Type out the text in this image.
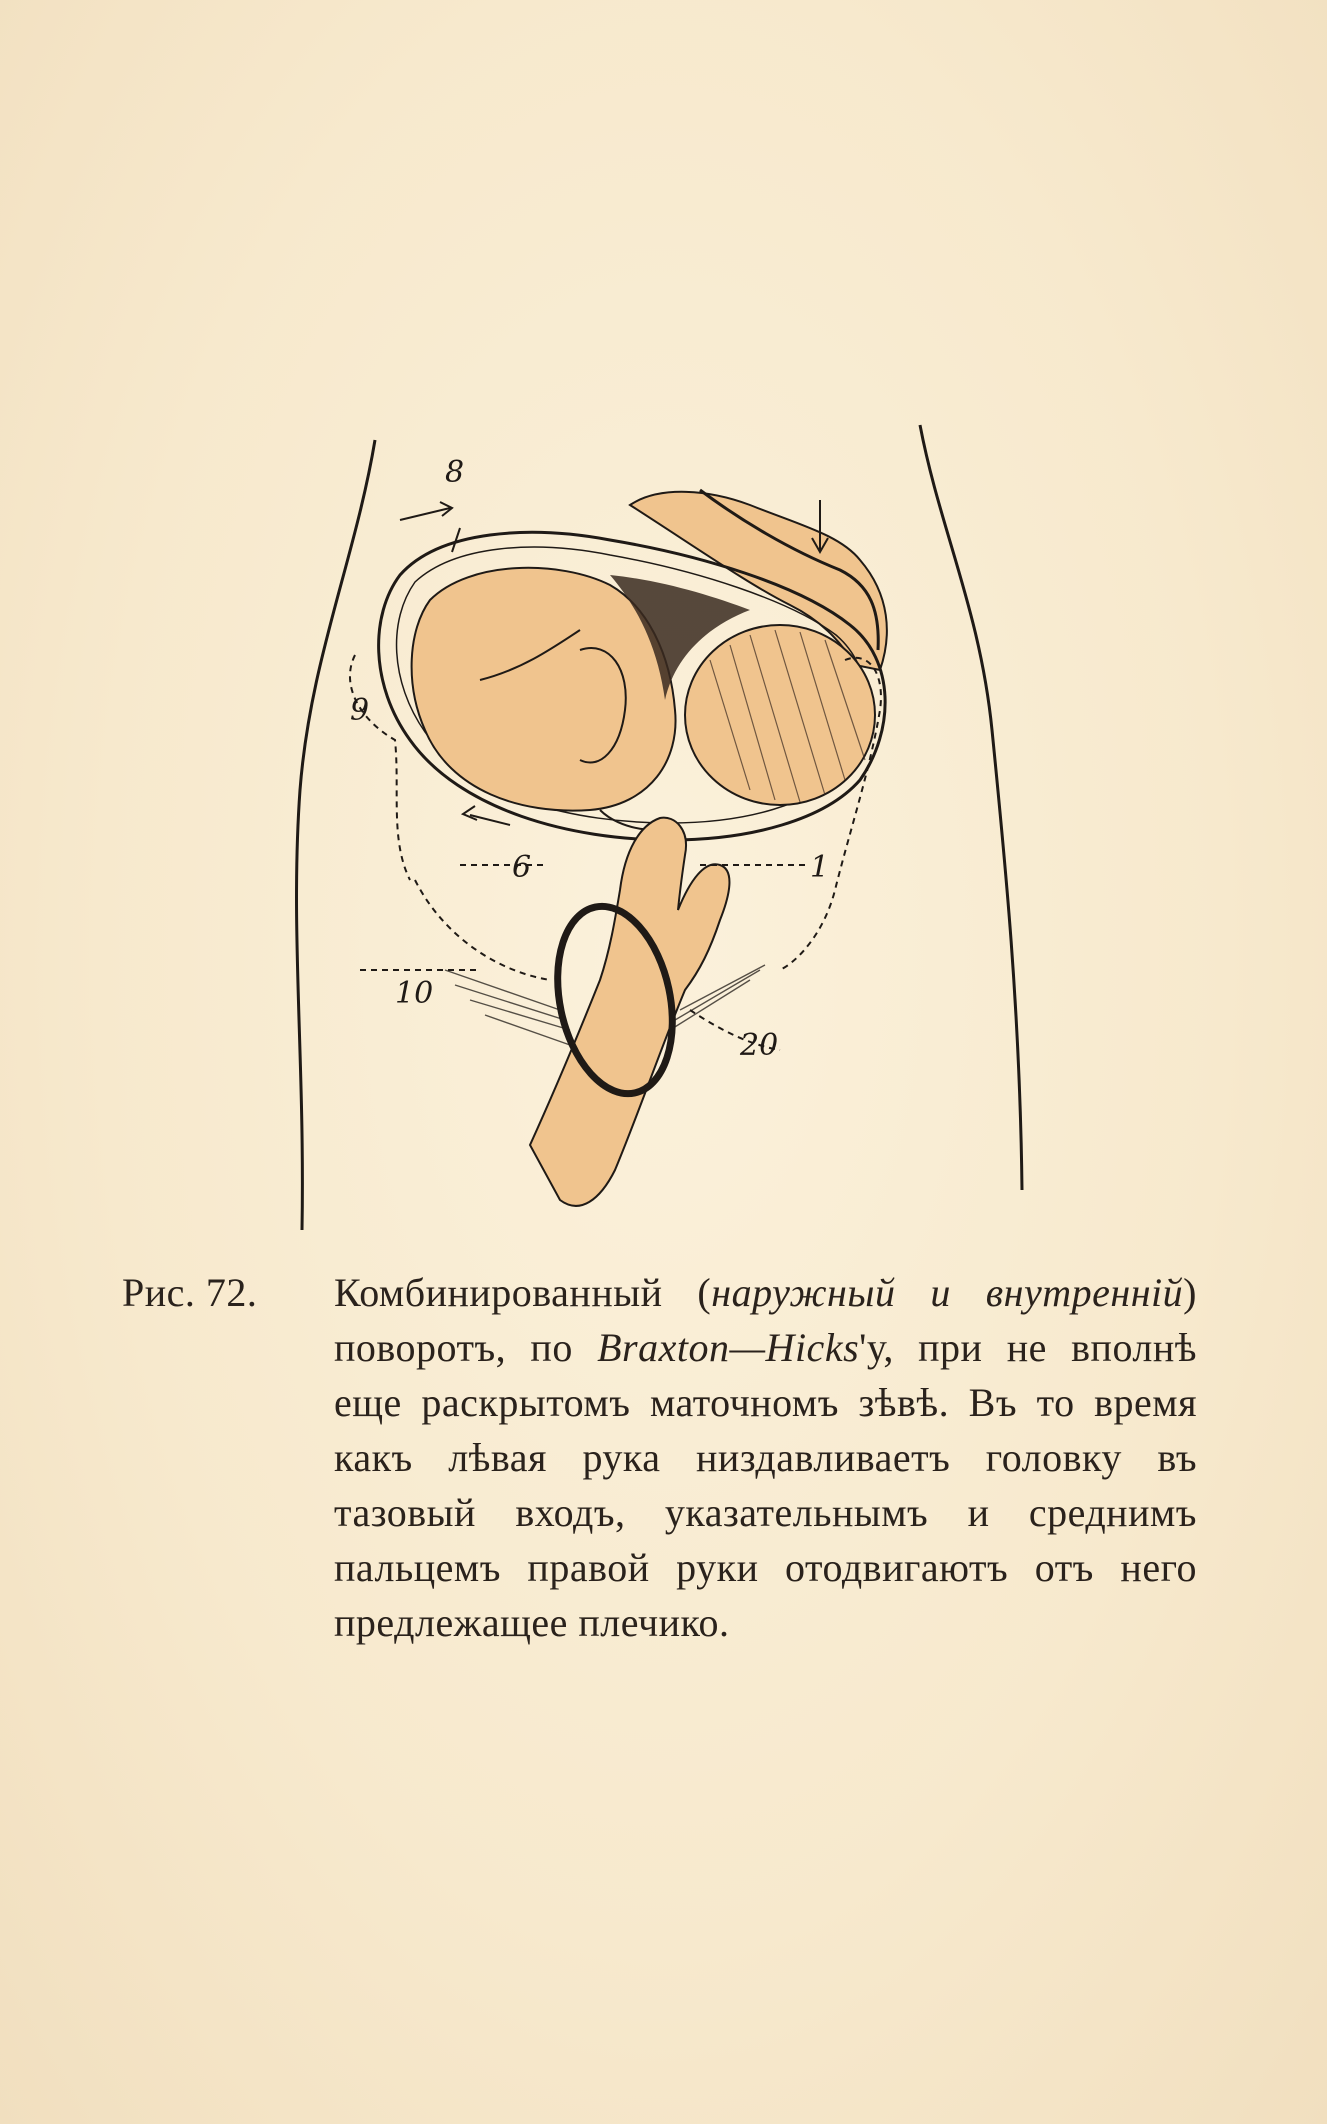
8
9
6	1
10
20
Рис. 72.	Комбинированный (наружный и внутренній) поворотъ, по Braxton—Hicks'у, при не вполнѣ еще раскрытомъ маточномъ зѣвѣ. Въ то время какъ лѣвая рука низдавливаетъ головку въ тазовый входъ, указательнымъ и среднимъ пальцемъ правой руки отодвигаютъ отъ него предлежащее плечико.
